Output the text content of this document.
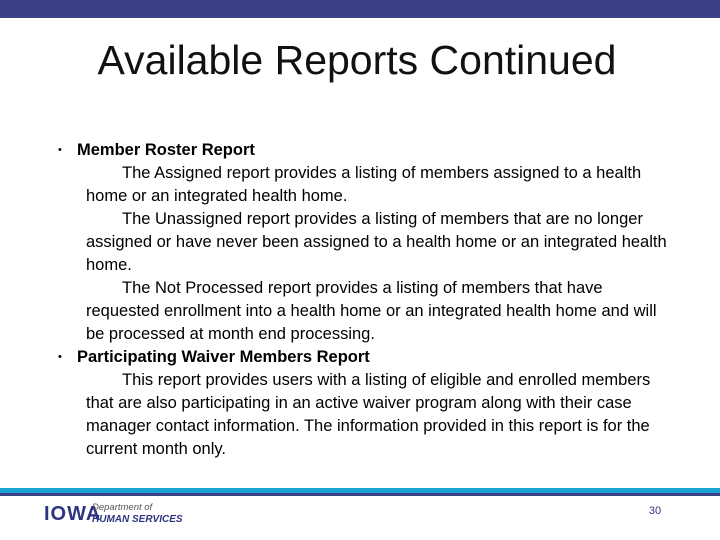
Available Reports Continued
• Member Roster Report
The Assigned report provides a listing of members assigned to a health home or an integrated health home.
The Unassigned report provides a listing of members that are no longer assigned or have never been assigned to a health home or an integrated health home.
The Not Processed report provides a listing of members that have requested enrollment into a health home or an integrated health home and will be processed at month end processing.
• Participating Waiver Members Report
This report provides users with a listing of eligible and enrolled members that are also participating in an active waiver program along with their case manager contact information. The information provided in this report is for the current month only.
IOWA
Department of
HUMAN SERVICES
30
